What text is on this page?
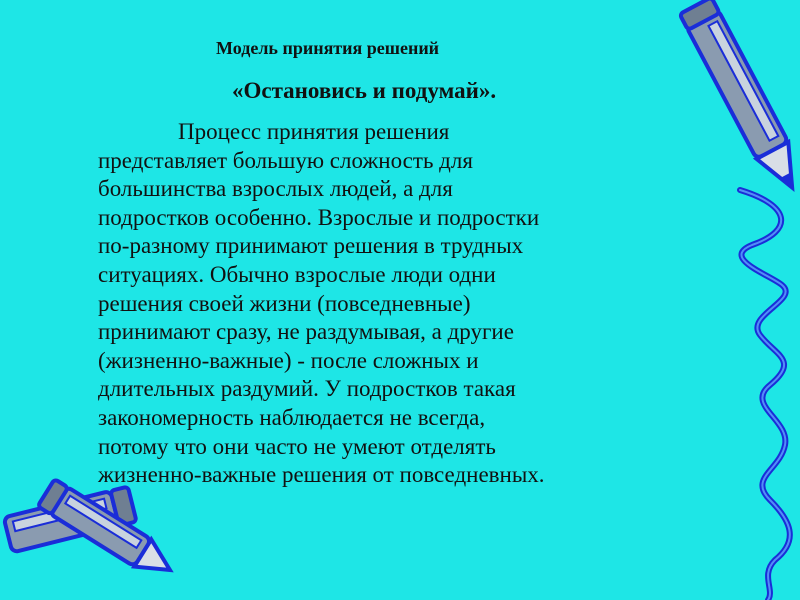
Модель принятия решений
«Остановись и подумай».
Процесс принятия решения
представляет большую сложность для
большинства взрослых людей, а для
подростков особенно. Взрослые и подростки
по-разному принимают решения в трудных
ситуациях. Обычно взрослые люди одни
решения своей жизни (повседневные)
принимают сразу, не раздумывая, а другие
(жизненно-важные) - после сложных и
длительных раздумий. У подростков такая
закономерность наблюдается не всегда,
потому что они часто не умеют отделять
жизненно-важные решения от повседневных.
